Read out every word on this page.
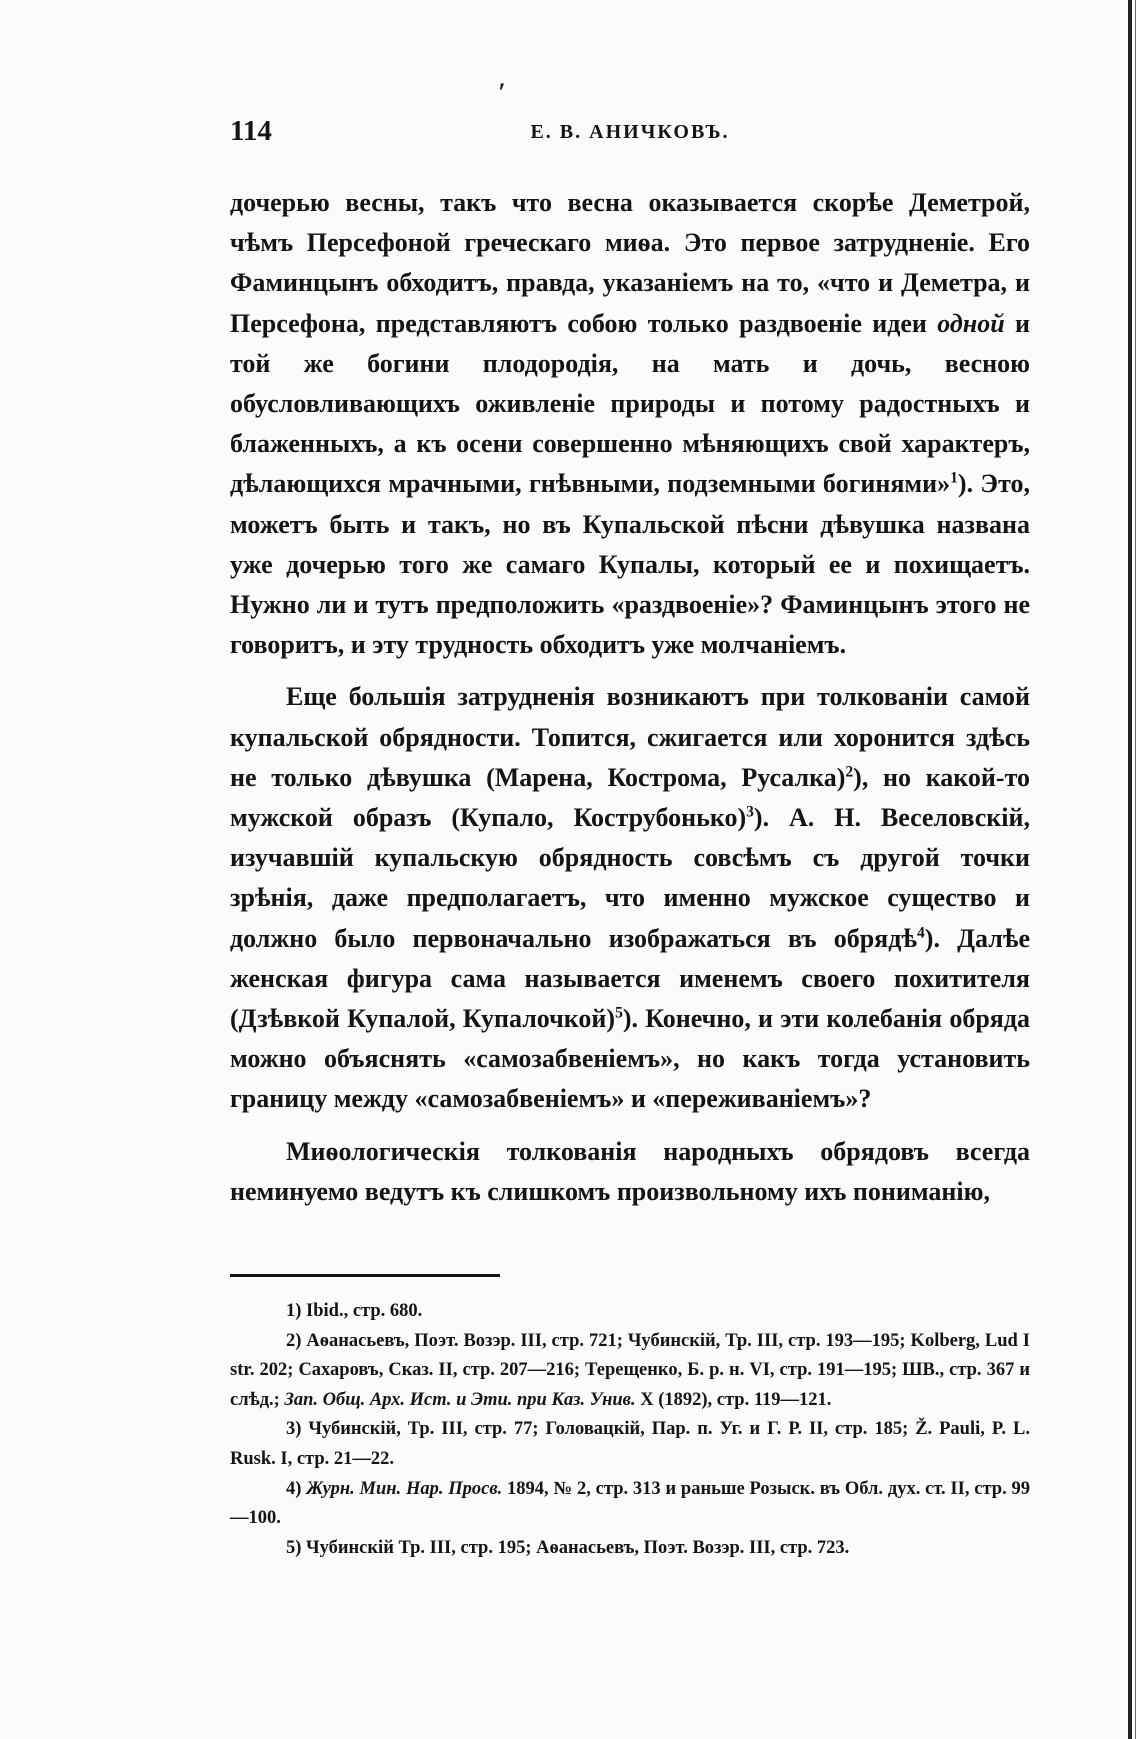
′
114	Е. В. АНИЧКОВЪ.

дочерью весны, такъ что весна оказывается скорѣе Деметрой, чѣмъ Персефоной греческаго миѳа. Это первое затрудненіе. Его Фаминцынъ обходитъ, правда, указаніемъ на то, «что и Деметра, и Персефона, представляютъ собою только раздвоеніе идеи одной и той же богини плодородія, на мать и дочь, весною обусловливающихъ оживленіе природы и потому радостныхъ и блаженныхъ, а къ осени совершенно мѣняющихъ свой характеръ, дѣлающихся мрачными, гнѣвными, подземными богинями»$^1$). Это, можетъ быть и такъ, но въ Купальской пѣсни дѣвушка названа уже дочерью того же самаго Купалы, который ее и похищаетъ. Нужно ли и тутъ предположить «раздвоеніе»? Фаминцынъ этого не говоритъ, и эту трудность обходитъ уже молчаніемъ.

Еще большія затрудненія возникаютъ при толкованіи самой купальской обрядности. Топится, сжигается или хоронится здѣсь не только дѣвушка (Марена, Кострома, Русалка)$^2$), но какой-то мужской образъ (Купало, Кострубонько)$^3$). А. Н. Веселовскій, изучавшій купальскую обрядность совсѣмъ съ другой точки зрѣнія, даже предполагаетъ, что именно мужское существо и должно было первоначально изображаться въ обрядѣ$^4$). Далѣе женская фигура сама называется именемъ своего похитителя (Дзѣвкой Купалой, Купалочкой)$^5$). Конечно, и эти колебанія обряда можно объяснять «самозабвеніемъ», но какъ тогда установить границу между «самозабвеніемъ» и «переживаніемъ»?

Миѳологическія толкованія народныхъ обрядовъ всегда неминуемо ведутъ къ слишкомъ произвольному ихъ пониманію,

1) Ibid., стр. 680.

2) Аѳанасьевъ, Поэт. Возэр. III, стр. 721; Чубинскій, Тр. III, стр. 193—195; Kolberg, Lud I str. 202; Сахаровъ, Сказ. II, стр. 207—216; Терещенко, Б. р. н. VI, стр. 191—195; ШВ., стр. 367 и слѣд.; Зап. Общ. Арх. Ист. и Эти. при Каз. Унив. X (1892), стр. 119—121.

3) Чубинскій, Тр. III, стр. 77; Головацкій, Пар. п. Уг. и Г. Р. II, стр. 185; Ž. Pauli, P. L. Rusk. I, стр. 21—22.

4) Журн. Мин. Нар. Просв. 1894, № 2, стр. 313 и раньше Розыск. въ Обл. дух. ст. II, стр. 99—100.

5) Чубинскій Тр. III, стр. 195; Аѳанасьевъ, Поэт. Возэр. III, стр. 723.
